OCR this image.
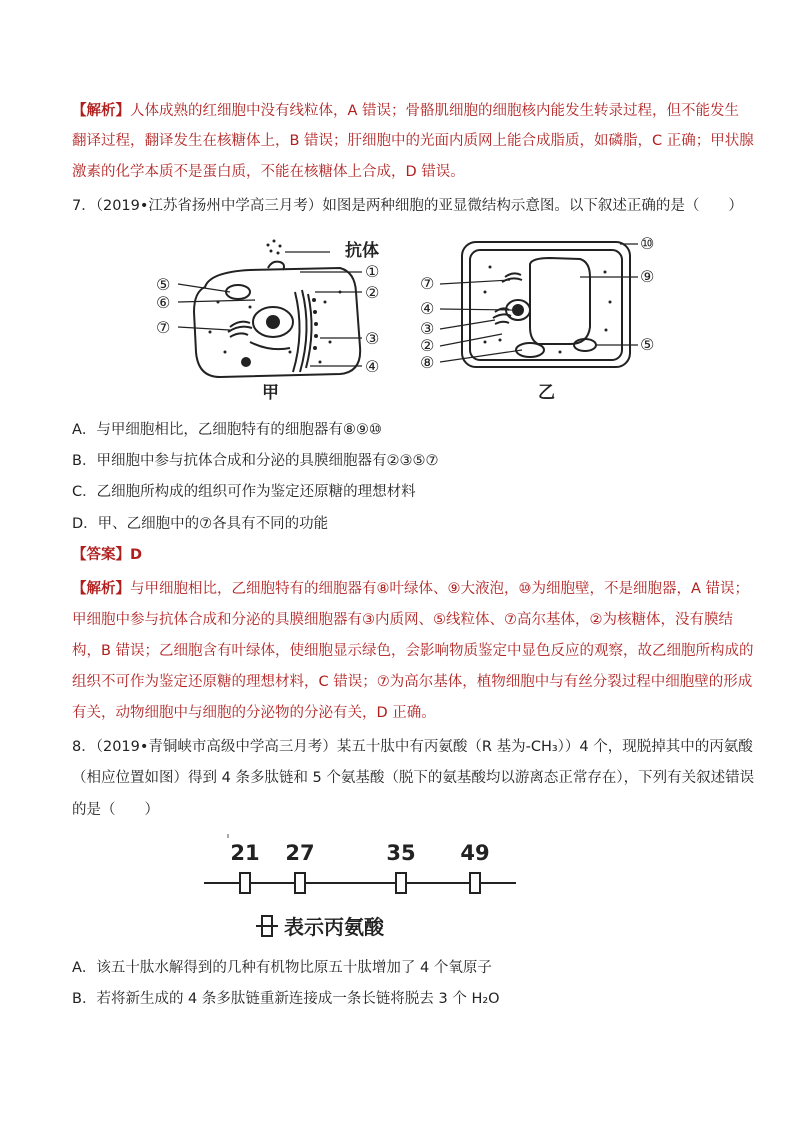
【解析】人体成熟的红细胞中没有线粒体，A 错误；骨骼肌细胞的细胞核内能发生转录过程，但不能发生
翻译过程，翻译发生在核糖体上，B 错误；肝细胞中的光面内质网上能合成脂质，如磷脂，C 正确；甲状腺
激素的化学本质不是蛋白质，不能在核糖体上合成，D 错误。
7．（2019•江苏省扬州中学高三月考）如图是两种细胞的亚显微结构示意图。以下叙述正确的是（　　）
抗体
①
②
③
④
⑤
⑥
⑦
甲
⑩
⑨
⑦
④
③
②
⑧
⑤
乙
A．与甲细胞相比，乙细胞特有的细胞器有⑧⑨⑩
B．甲细胞中参与抗体合成和分泌的具膜细胞器有②③⑤⑦
C．乙细胞所构成的组织可作为鉴定还原糖的理想材料
D．甲、乙细胞中的⑦各具有不同的功能
【答案】D
【解析】与甲细胞相比，乙细胞特有的细胞器有⑧叶绿体、⑨大液泡，⑩为细胞壁，不是细胞器，A 错误；
甲细胞中参与抗体合成和分泌的具膜细胞器有③内质网、⑤线粒体、⑦高尔基体，②为核糖体，没有膜结
构，B 错误；乙细胞含有叶绿体，使细胞显示绿色，会影响物质鉴定中显色反应的观察，故乙细胞所构成的
组织不可作为鉴定还原糖的理想材料，C 错误；⑦为高尔基体，植物细胞中与有丝分裂过程中细胞壁的形成
有关，动物细胞中与细胞的分泌物的分泌有关，D 正确。
8．（2019•青铜峡市高级中学高三月考）某五十肽中有丙氨酸（R 基为-CH₃））4 个，现脱掉其中的丙氨酸
（相应位置如图）得到 4 条多肽链和 5 个氨基酸（脱下的氨基酸均以游离态正常存在），下列有关叙述错误
的是（　　）
21 27	35 49
表示丙氨酸
A．该五十肽水解得到的几种有机物比原五十肽增加了 4 个氧原子
B．若将新生成的 4 条多肽链重新连接成一条长链将脱去 3 个 H₂O
